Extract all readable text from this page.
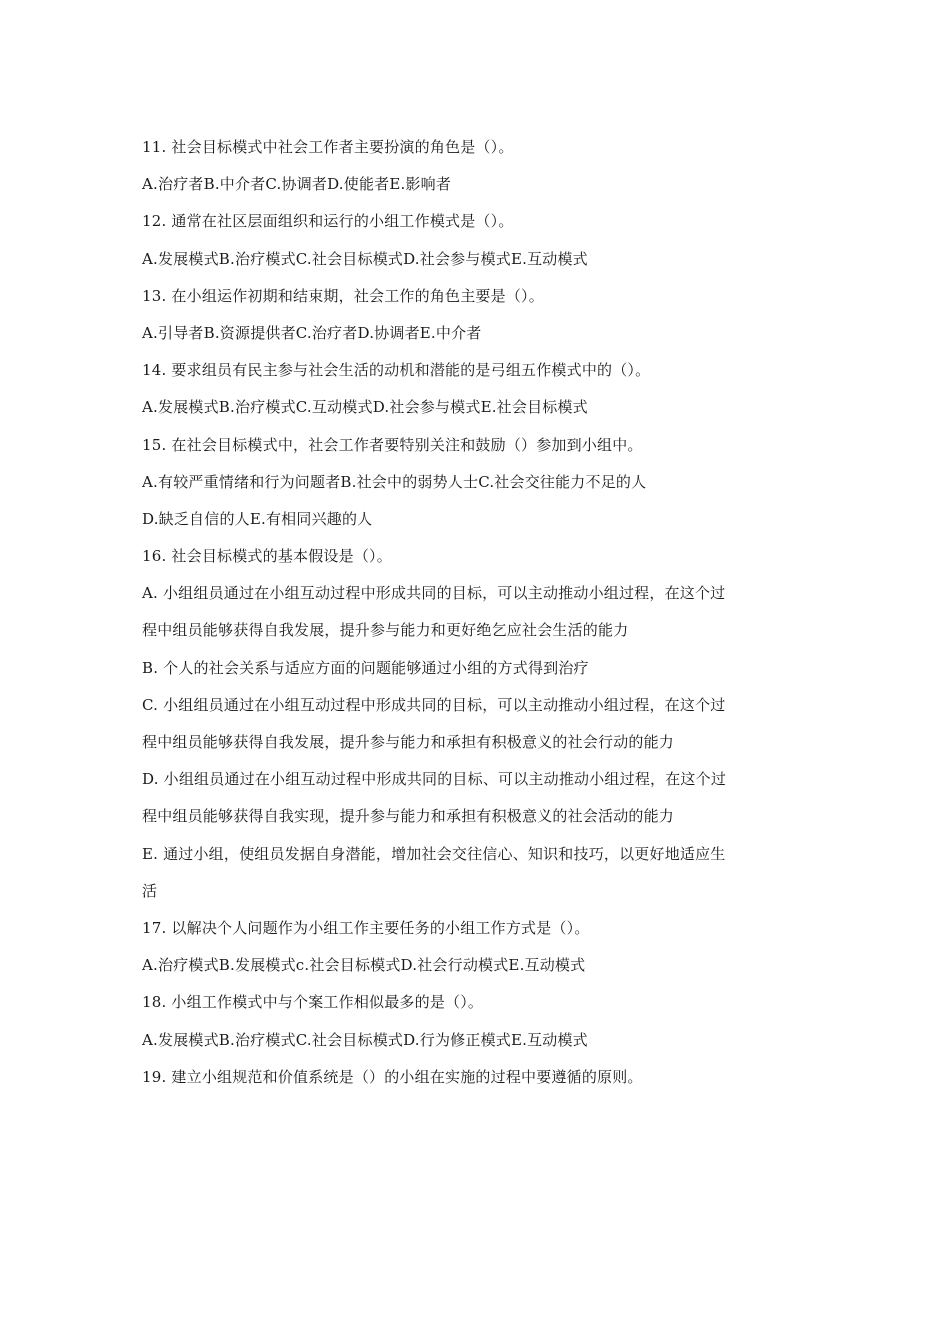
11. 社会目标模式中社会工作者主要扮演的角色是（）。
A.治疗者B.中介者C.协调者D.使能者E.影响者
12. 通常在社区层面组织和运行的小组工作模式是（）。
A.发展模式B.治疗模式C.社会目标模式D.社会参与模式E.互动模式
13. 在小组运作初期和结束期，社会工作的角色主要是（）。
A.引导者B.资源提供者C.治疗者D.协调者E.中介者
14. 要求组员有民主参与社会生活的动机和潜能的是弓组五作模式中的（）。
A.发展模式B.治疗模式C.互动模式D.社会参与模式E.社会目标模式
15. 在社会目标模式中，社会工作者要特别关注和鼓励（）参加到小组中。
A.有较严重情绪和行为问题者B.社会中的弱势人士C.社会交往能力不足的人
D.缺乏自信的人E.有相同兴趣的人
16. 社会目标模式的基本假设是（）。
A. 小组组员通过在小组互动过程中形成共同的目标，可以主动推动小组过程，在这个过
程中组员能够获得自我发展，提升参与能力和更好绝乞应社会生活的能力
B. 个人的社会关系与适应方面的问题能够通过小组的方式得到治疗
C. 小组组员通过在小组互动过程中形成共同的目标，可以主动推动小组过程，在这个过
程中组员能够获得自我发展，提升参与能力和承担有积极意义的社会行动的能力
D. 小组组员通过在小组互动过程中形成共同的目标、可以主动推动小组过程，在这个过
程中组员能够获得自我实现，提升参与能力和承担有积极意义的社会活动的能力
E. 通过小组，使组员发据自身潜能，增加社会交往信心、知识和技巧，以更好地适应生
活
17. 以解决个人问题作为小组工作主要任务的小组工作方式是（）。
A.治疗模式B.发展模式c.社会目标模式D.社会行动模式E.互动模式
18. 小组工作模式中与个案工作相似最多的是（）。
A.发展模式B.治疗模式C.社会目标模式D.行为修正模式E.互动模式
19. 建立小组规范和价值系统是（）的小组在实施的过程中要遵循的原则。
